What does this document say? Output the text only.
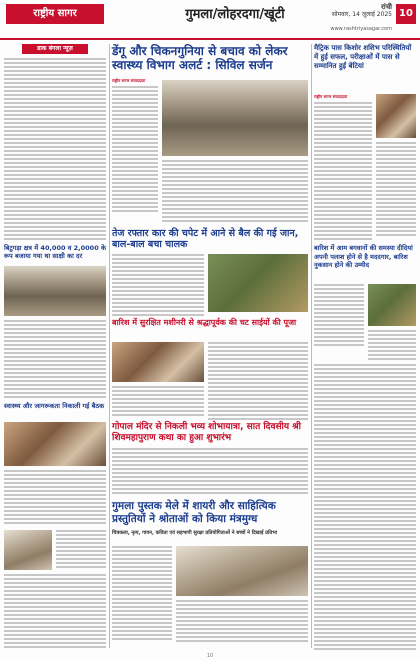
राष्ट्रीय सागर	गुमला/लोहरदगा/खूंटी	रांची
सोमवार, 14 जुलाई 2025
www.rashtriyasagar.com
10
डाक बंगला न्यूज़
बिटुगड़ा क्षत्र में 40,000 व 2,0000 के रूप बजाया गया था साक्षी का दर
स्वास्थ्य और जागरूकता निकाली गई बैठक
डेंगू और चिकनगुनिया से बचाव को लेकर स्वास्थ्य विभाग अलर्ट : सिविल सर्जन
राष्ट्रीय सागर संवाददाता
तेज रफ्तार कार की चपेट में आने से बैल की गई जान, बाल-बाल बचा चालक
बारिश में सुरक्षित मशीनरी से श्रद्धापूर्वक की चट साईयों की पूजा
गोपाल मंदिर से निकली भव्य शोभायात्रा, सात दिवसीय श्री शिवमहापुराण कथा का हुआ शुभारंभ
गुमला पुस्तक मेले में शायरी और साहित्यिक प्रस्तुतियों ने श्रोताओं को किया मंत्रमुग्ध
चित्रकला, नृत्य, गायन, कविता एवं सहभागी सुरक्षा प्रतियोगिताओं ने बच्चों ने दिखाई प्रतिभा
मैट्रिक पास किशोर शशिभ परिस्थितियों में हुई सफल, परीक्षाओं में पास से सम्मानित हुईं बेटियां
राष्ट्रीय सागर संवाददाता
बारिश में आम बगवानों की समस्या दीदियां अपनी पलाश होने से है मददगार, बारिश नुकसान होने की उम्मीद
10
